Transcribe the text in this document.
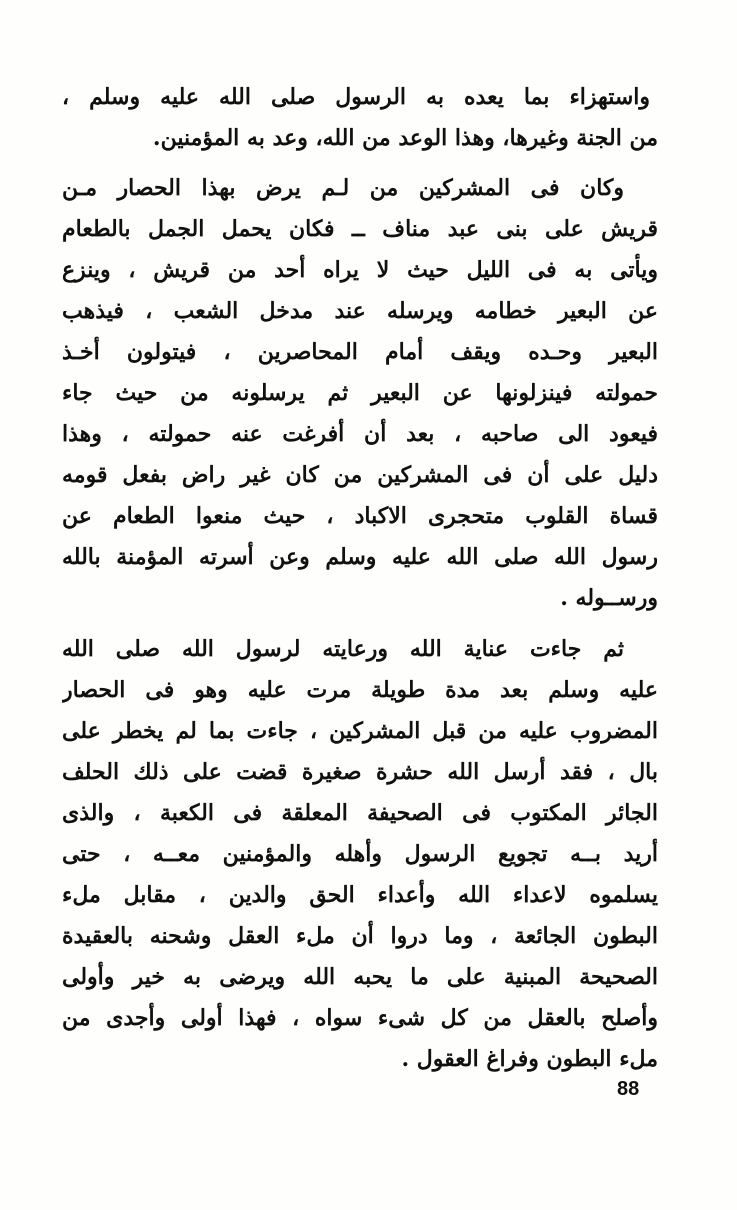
واستهزاء بما يعده به الرسول صلى الله عليه وسلم ،
من الجنة وغيرها، وهذا الوعد من الله، وعد به المؤمنين.
وكان فى المشركين من لـم يرض بهذا الحصار مـن
قريش على بنى عبد مناف ــ فكان يحمل الجمل بالطعام
ويأتى به فى الليل حيث لا يراه أحد من قريش ، وينزع
عن البعير خطامه ويرسله عند مدخل الشعب ، فيذهب
البعير وحـده ويقف أمام المحاصرين ، فيتولون أخـذ
حمولته فينزلونها عن البعير ثم يرسلونه من حيث جاء
فيعود الى صاحبه ، بعد أن أفرغت عنه حمولته ، وهذا
دليل على أن فى المشركين من كان غير راض بفعل قومه
قساة القلوب متحجرى الاكباد ، حيث منعوا الطعام عن
رسول الله صلى الله عليه وسلم وعن أسرته المؤمنة بالله
ورســوله .
ثم جاءت عناية الله ورعايته لرسول الله صلى الله
عليه وسلم بعد مدة طويلة مرت عليه وهو فى الحصار
المضروب عليه من قبل المشركين ، جاءت بما لم يخطر على
بال ، فقد أرسل الله حشرة صغيرة قضت على ذلك الحلف
الجائر المكتوب فى الصحيفة المعلقة فى الكعبة ، والذى
أريد بــه تجويع الرسول وأهله والمؤمنين معــه ، حتى
يسلموه لاعداء الله وأعداء الحق والدين ، مقابل ملء
البطون الجائعة ، وما دروا أن ملء العقل وشحنه بالعقيدة
الصحيحة المبنية على ما يحبه الله ويرضى به خير وأولى
وأصلح بالعقل من كل شىء سواه ، فهذا أولى وأجدى من
ملء البطون وفراغ العقول .
88
